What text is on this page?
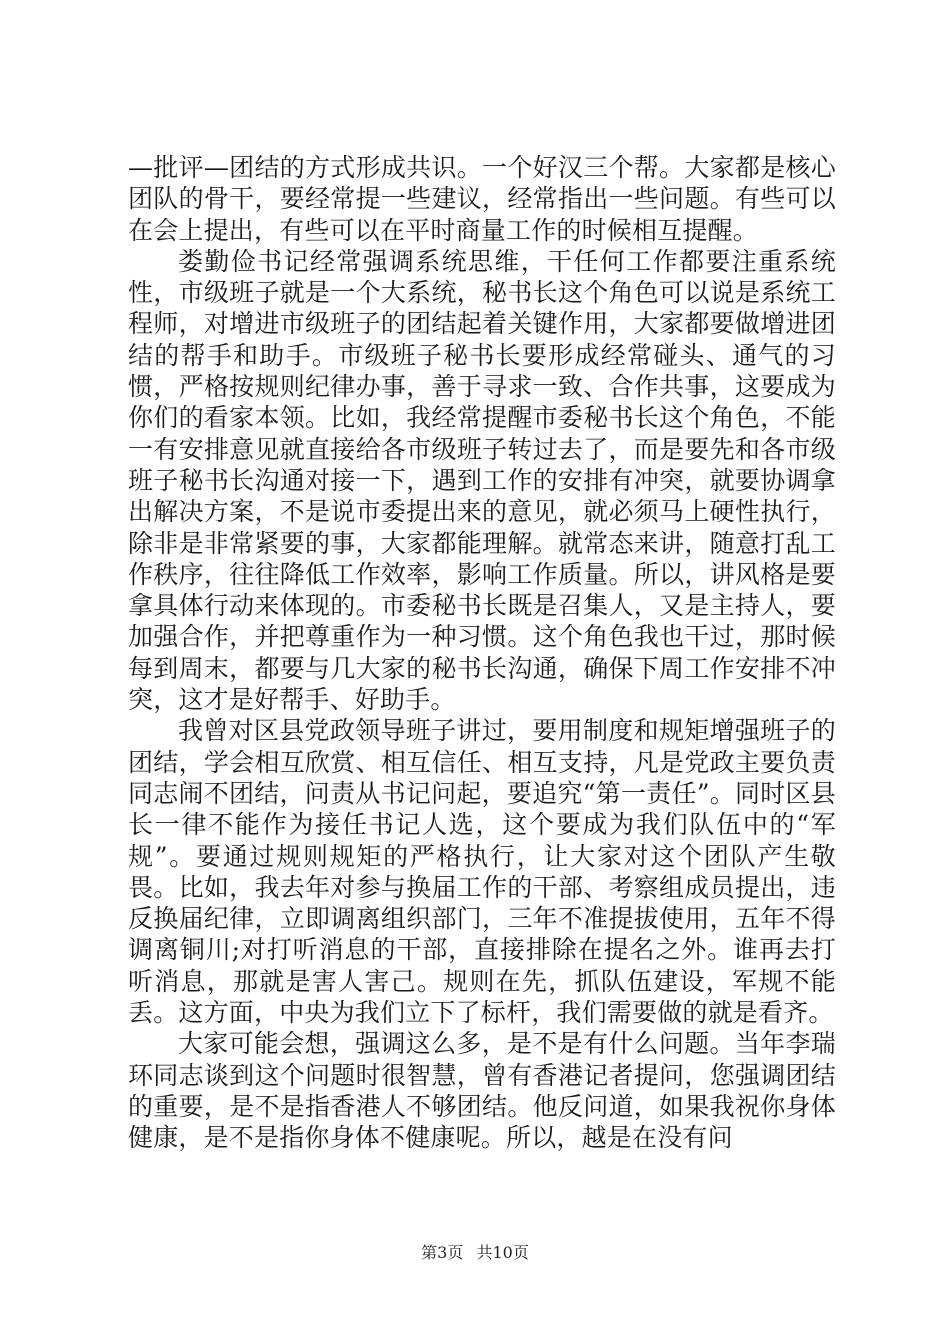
—批评—团结的方式形成共识。一个好汉三个帮。大家都是核心团队的骨干，要经常提一些建议，经常指出一些问题。有些可以在会上提出，有些可以在平时商量工作的时候相互提醒。

娄勤俭书记经常强调系统思维，干任何工作都要注重系统性，市级班子就是一个大系统，秘书长这个角色可以说是系统工程师，对增进市级班子的团结起着关键作用，大家都要做增进团结的帮手和助手。市级班子秘书长要形成经常碰头、通气的习惯，严格按规则纪律办事，善于寻求一致、合作共事，这要成为你们的看家本领。比如，我经常提醒市委秘书长这个角色，不能一有安排意见就直接给各市级班子转过去了，而是要先和各市级班子秘书长沟通对接一下，遇到工作的安排有冲突，就要协调拿出解决方案，不是说市委提出来的意见，就必须马上硬性执行，除非是非常紧要的事，大家都能理解。就常态来讲，随意打乱工作秩序，往往降低工作效率，影响工作质量。所以，讲风格是要拿具体行动来体现的。市委秘书长既是召集人，又是主持人，要加强合作，并把尊重作为一种习惯。这个角色我也干过，那时候每到周末，都要与几大家的秘书长沟通，确保下周工作安排不冲突，这才是好帮手、好助手。

我曾对区县党政领导班子讲过，要用制度和规矩增强班子的团结，学会相互欣赏、相互信任、相互支持，凡是党政主要负责同志闹不团结，问责从书记问起，要追究“第一责任”。同时区县长一律不能作为接任书记人选，这个要成为我们队伍中的“军规”。要通过规则规矩的严格执行，让大家对这个团队产生敬畏。比如，我去年对参与换届工作的干部、考察组成员提出，违反换届纪律，立即调离组织部门，三年不准提拔使用，五年不得调离铜川;对打听消息的干部，直接排除在提名之外。谁再去打听消息，那就是害人害己。规则在先，抓队伍建设，军规不能丢。这方面，中央为我们立下了标杆，我们需要做的就是看齐。

大家可能会想，强调这么多，是不是有什么问题。当年李瑞环同志谈到这个问题时很智慧，曾有香港记者提问，您强调团结的重要，是不是指香港人不够团结。他反问道，如果我祝你身体健康，是不是指你身体不健康呢。所以，越是在没有问

第3页 共10页
